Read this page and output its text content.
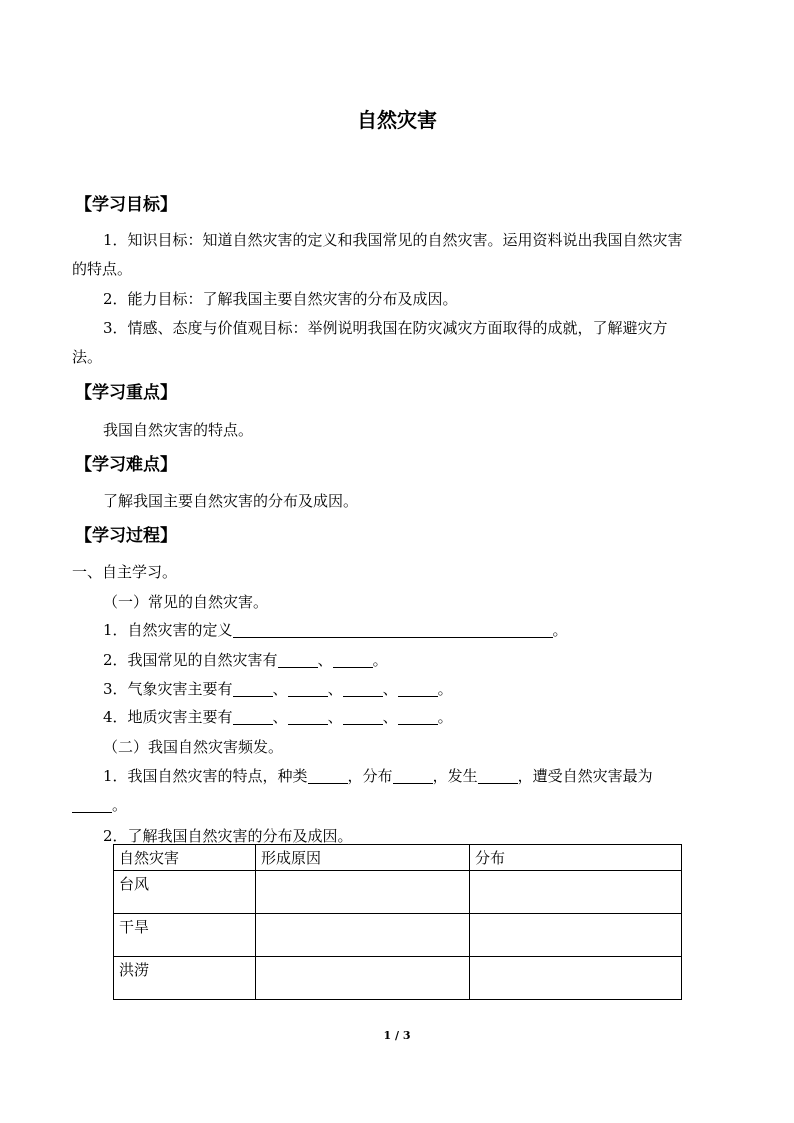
自然灾害
【学习目标】
1．知识目标：知道自然灾害的定义和我国常见的自然灾害。运用资料说出我国自然灾害
的特点。
2．能力目标：了解我国主要自然灾害的分布及成因。
3．情感、态度与价值观目标：举例说明我国在防灾减灾方面取得的成就，了解避灾方
法。
【学习重点】
我国自然灾害的特点。
【学习难点】
了解我国主要自然灾害的分布及成因。
【学习过程】
一、自主学习。
（一）常见的自然灾害。
1．自然灾害的定义	。
2．我国常见的自然灾害有	、	。
3．气象灾害主要有	、	、	、	。
4．地质灾害主要有	、	、	、	。
（二）我国自然灾害频发。
1．我国自然灾害的特点，种类	，分布	，发生	，遭受自然灾害最为
。
2．了解我国自然灾害的分布及成因。
自然灾害	形成原因	分布
台风		
干旱		
洪涝		
1 / 3
